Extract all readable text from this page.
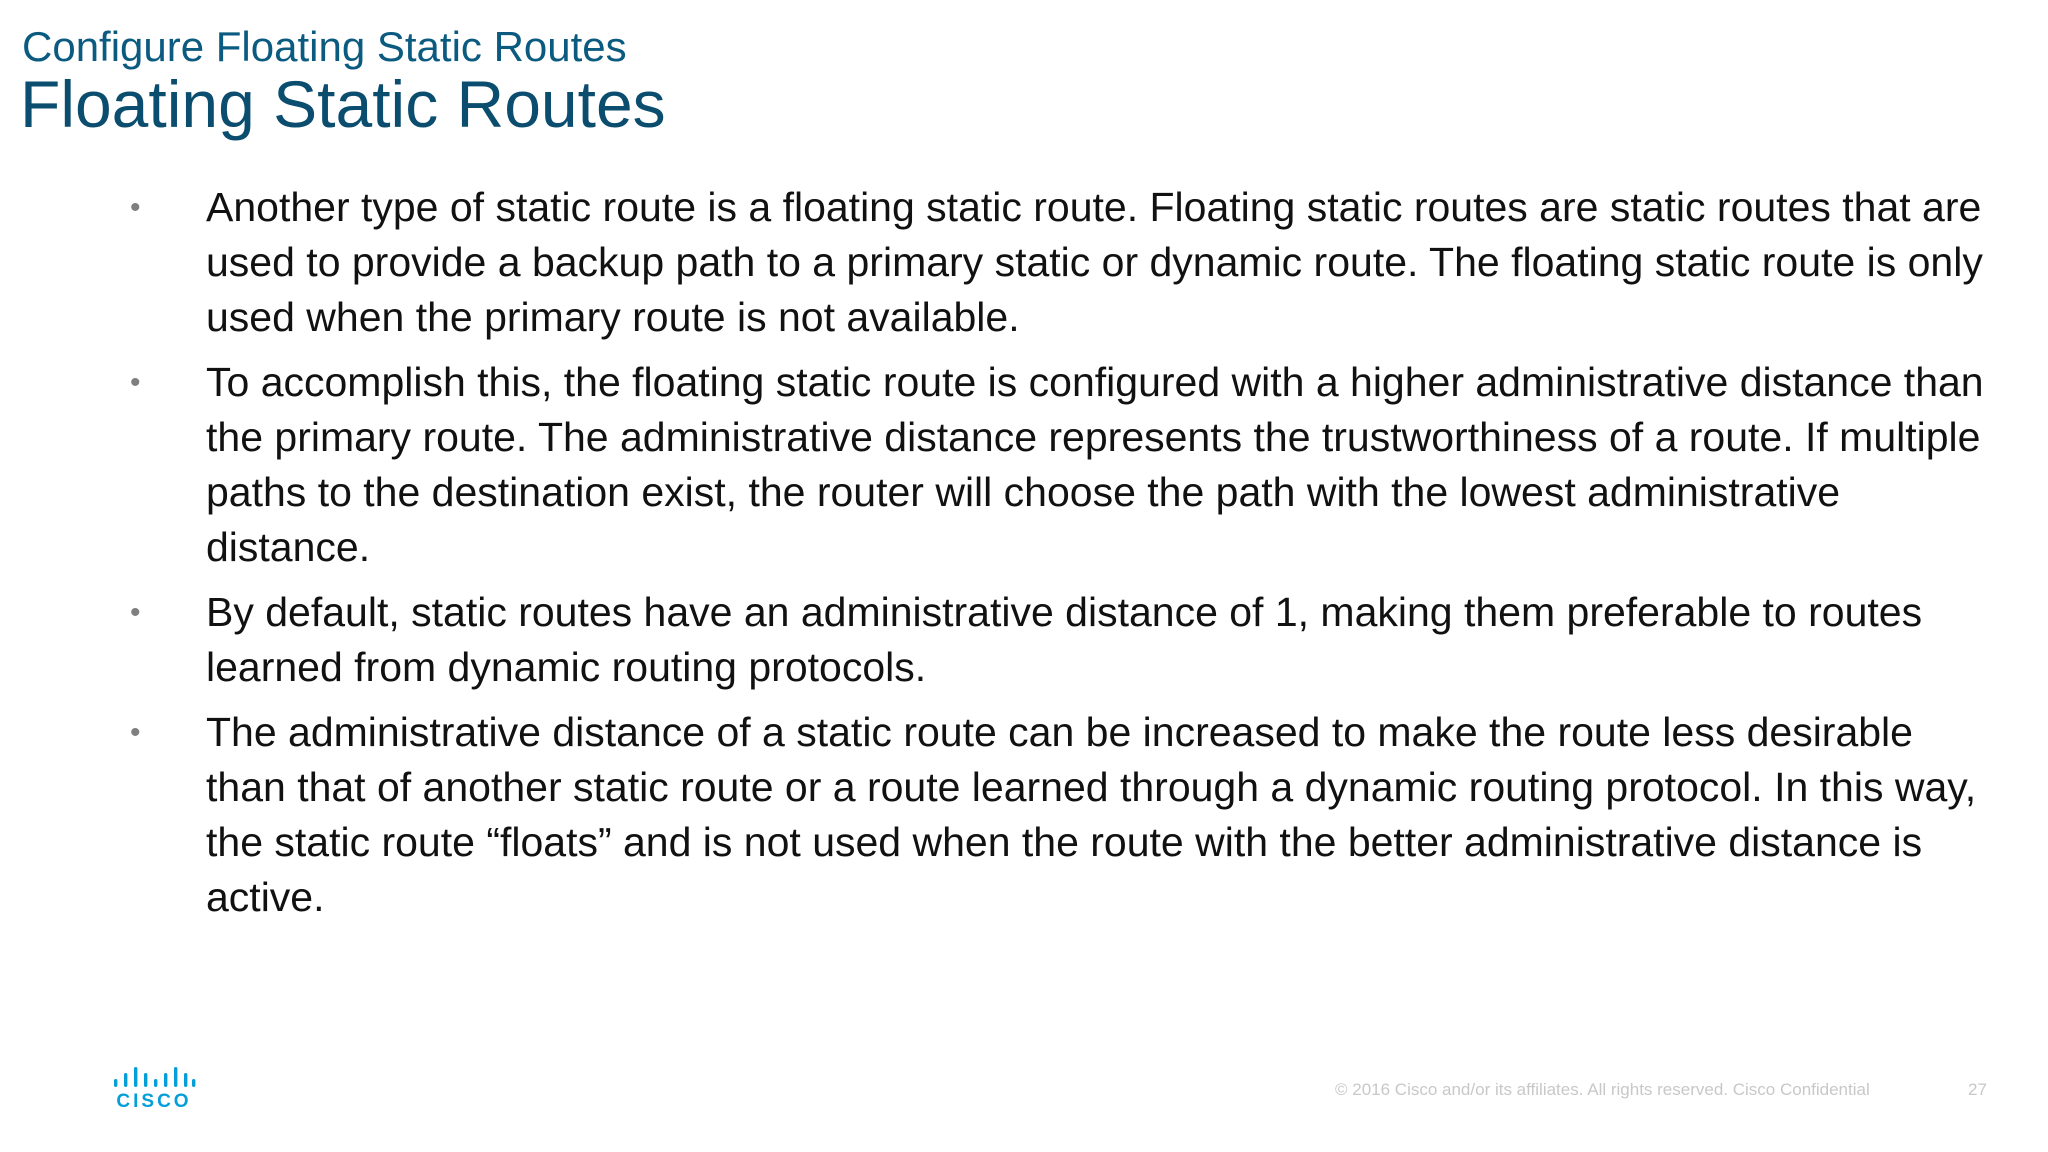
Configure Floating Static Routes
Floating Static Routes
• Another type of static route is a floating static route. Floating static routes are static routes that are used to provide a backup path to a primary static or dynamic route. The floating static route is only used when the primary route is not available.
• To accomplish this, the floating static route is configured with a higher administrative distance than the primary route. The administrative distance represents the trustworthiness of a route. If multiple paths to the destination exist, the router will choose the path with the lowest administrative distance.
• By default, static routes have an administrative distance of 1, making them preferable to routes learned from dynamic routing protocols.
• The administrative distance of a static route can be increased to make the route less desirable than that of another static route or a route learned through a dynamic routing protocol. In this way, the static route “floats” and is not used when the route with the better administrative distance is active.
CISCO
© 2016 Cisco and/or its affiliates. All rights reserved. Cisco Confidential	27
